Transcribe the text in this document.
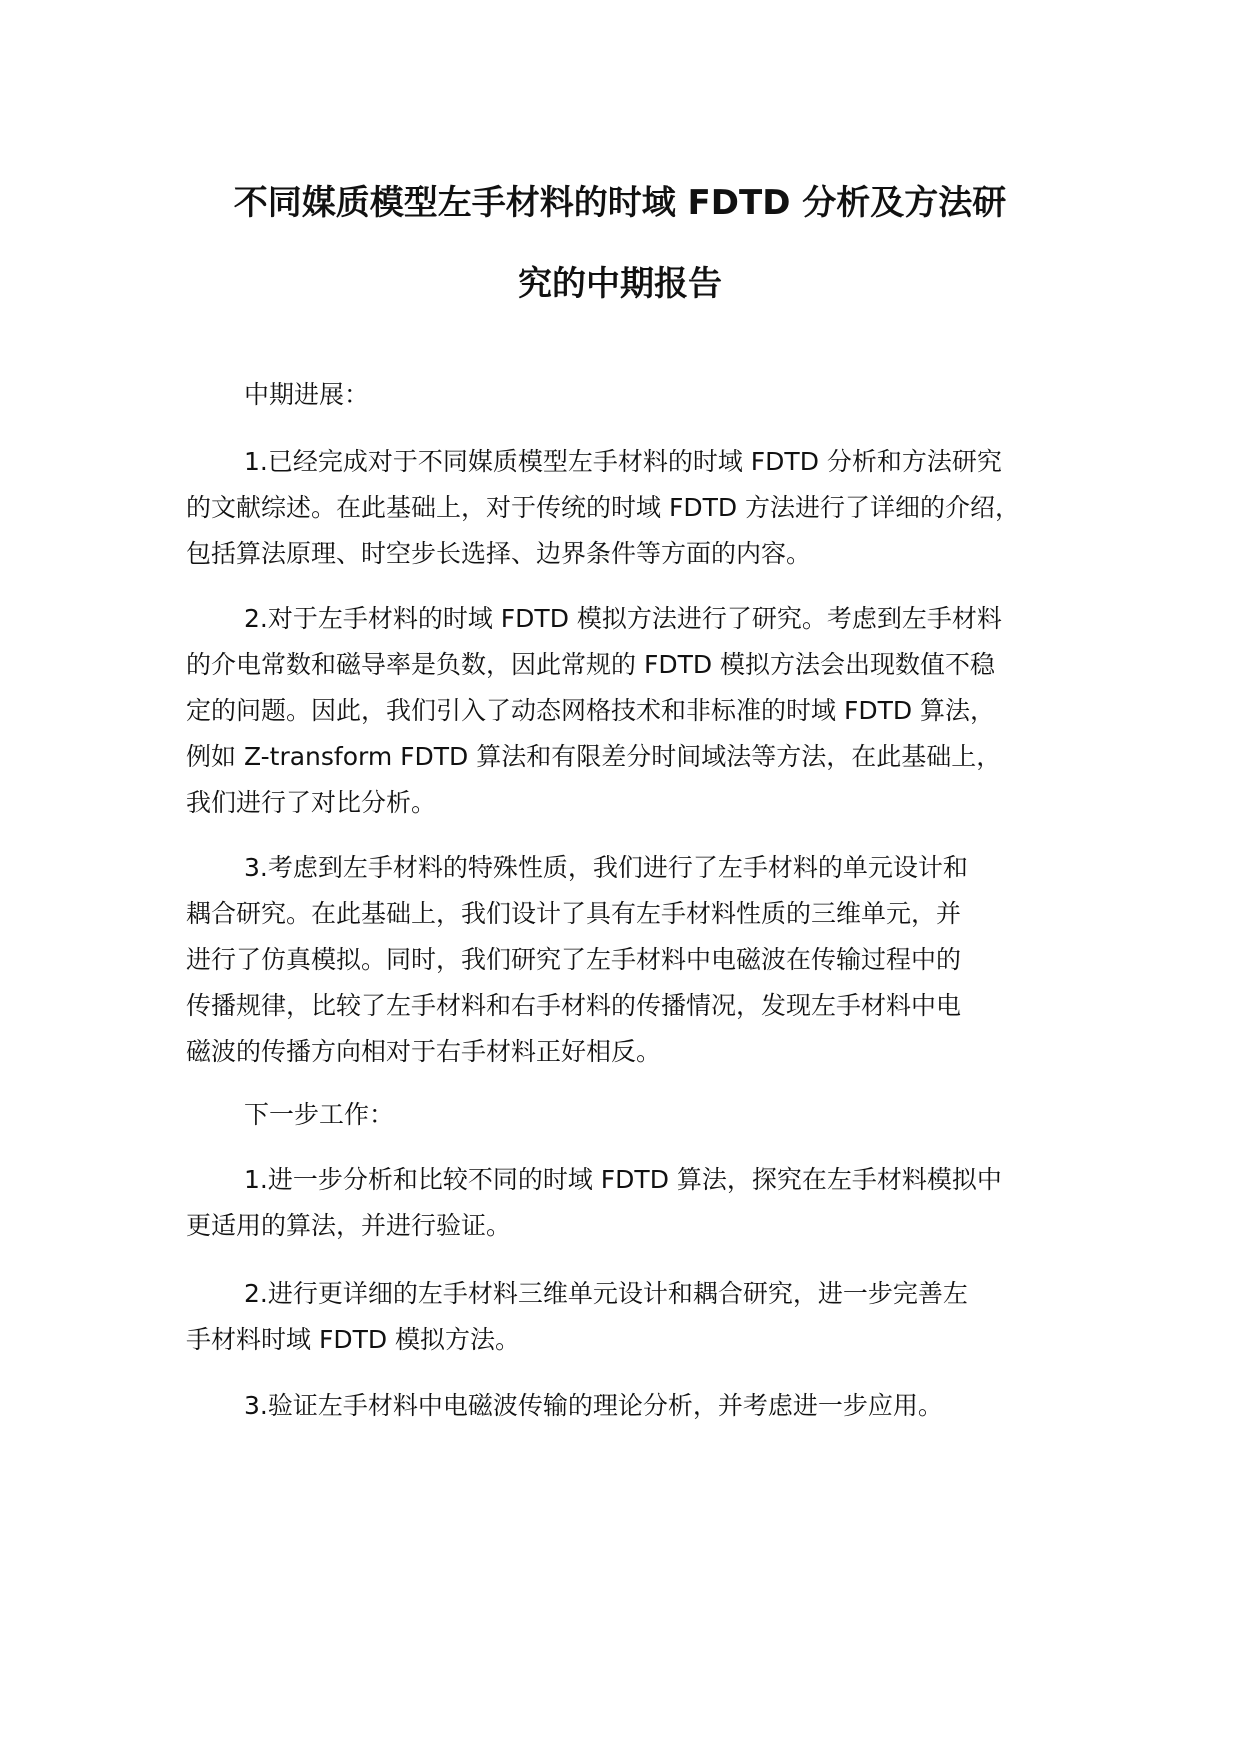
不同媒质模型左手材料的时域 FDTD 分析及方法研
究的中期报告

中期进展：

1.已经完成对于不同媒质模型左手材料的时域 FDTD 分析和方法研究
的文献综述。在此基础上，对于传统的时域 FDTD 方法进行了详细的介绍，
包括算法原理、时空步长选择、边界条件等方面的内容。

2.对于左手材料的时域 FDTD 模拟方法进行了研究。考虑到左手材料
的介电常数和磁导率是负数，因此常规的 FDTD 模拟方法会出现数值不稳
定的问题。因此，我们引入了动态网格技术和非标准的时域 FDTD 算法，
例如 Z-transform FDTD 算法和有限差分时间域法等方法，在此基础上，
我们进行了对比分析。

3.考虑到左手材料的特殊性质，我们进行了左手材料的单元设计和
耦合研究。在此基础上，我们设计了具有左手材料性质的三维单元，并
进行了仿真模拟。同时，我们研究了左手材料中电磁波在传输过程中的
传播规律，比较了左手材料和右手材料的传播情况，发现左手材料中电
磁波的传播方向相对于右手材料正好相反。

下一步工作：

1.进一步分析和比较不同的时域 FDTD 算法，探究在左手材料模拟中
更适用的算法，并进行验证。

2.进行更详细的左手材料三维单元设计和耦合研究，进一步完善左
手材料时域 FDTD 模拟方法。

3.验证左手材料中电磁波传输的理论分析，并考虑进一步应用。
